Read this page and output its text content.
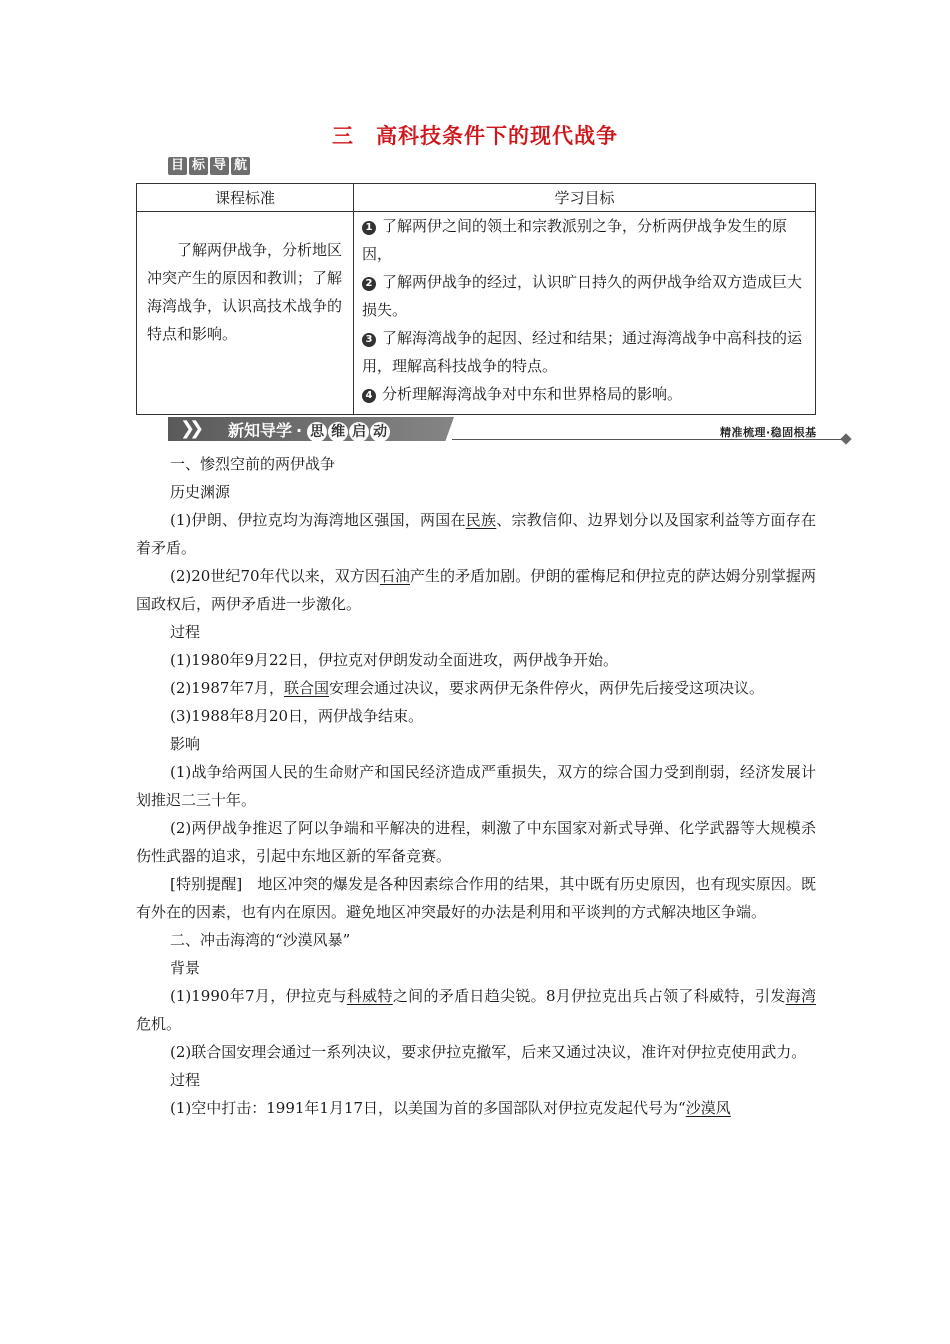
三 高科技条件下的现代战争
目 标 导 航
课程标准	学习目标
了解两伊战争，分析地区冲突产生的原因和教训；了解海湾战争，认识高技术战争的特点和影响。	1 了解两伊之间的领土和宗教派别之争，分析两伊战争发生的原因，
2 了解两伊战争的经过，认识旷日持久的两伊战争给双方造成巨大损失。
3 了解海湾战争的起因、经过和结果；通过海湾战争中高科技的运用，理解高科技战争的特点。
4 分析理解海湾战争对中东和世界格局的影响。
❯❯ 新知导学 · 思 维 启 动	精准梳理·稳固根基

一、惨烈空前的两伊战争

历史渊源

(1)伊朗、伊拉克均为海湾地区强国，两国在民族、宗教信仰、边界划分以及国家利益等方面存在着矛盾。

(2)20世纪70年代以来，双方因石油产生的矛盾加剧。伊朗的霍梅尼和伊拉克的萨达姆分别掌握两国政权后，两伊矛盾进一步激化。

过程

(1)1980年9月22日，伊拉克对伊朗发动全面进攻，两伊战争开始。

(2)1987年7月，联合国安理会通过决议，要求两伊无条件停火，两伊先后接受这项决议。

(3)1988年8月20日，两伊战争结束。

影响

(1)战争给两国人民的生命财产和国民经济造成严重损失，双方的综合国力受到削弱，经济发展计划推迟二三十年。

(2)两伊战争推迟了阿以争端和平解决的进程，刺激了中东国家对新式导弹、化学武器等大规模杀伤性武器的追求，引起中东地区新的军备竞赛。

[特别提醒]　地区冲突的爆发是各种因素综合作用的结果，其中既有历史原因，也有现实原因。既有外在的因素，也有内在原因。避免地区冲突最好的办法是利用和平谈判的方式解决地区争端。

二、冲击海湾的“沙漠风暴”

背景

(1)1990年7月，伊拉克与科威特之间的矛盾日趋尖锐。8月伊拉克出兵占领了科威特，引发海湾危机。

(2)联合国安理会通过一系列决议，要求伊拉克撤军，后来又通过决议，准许对伊拉克使用武力。

过程

(1)空中打击：1991年1月17日，以美国为首的多国部队对伊拉克发起代号为“沙漠风
